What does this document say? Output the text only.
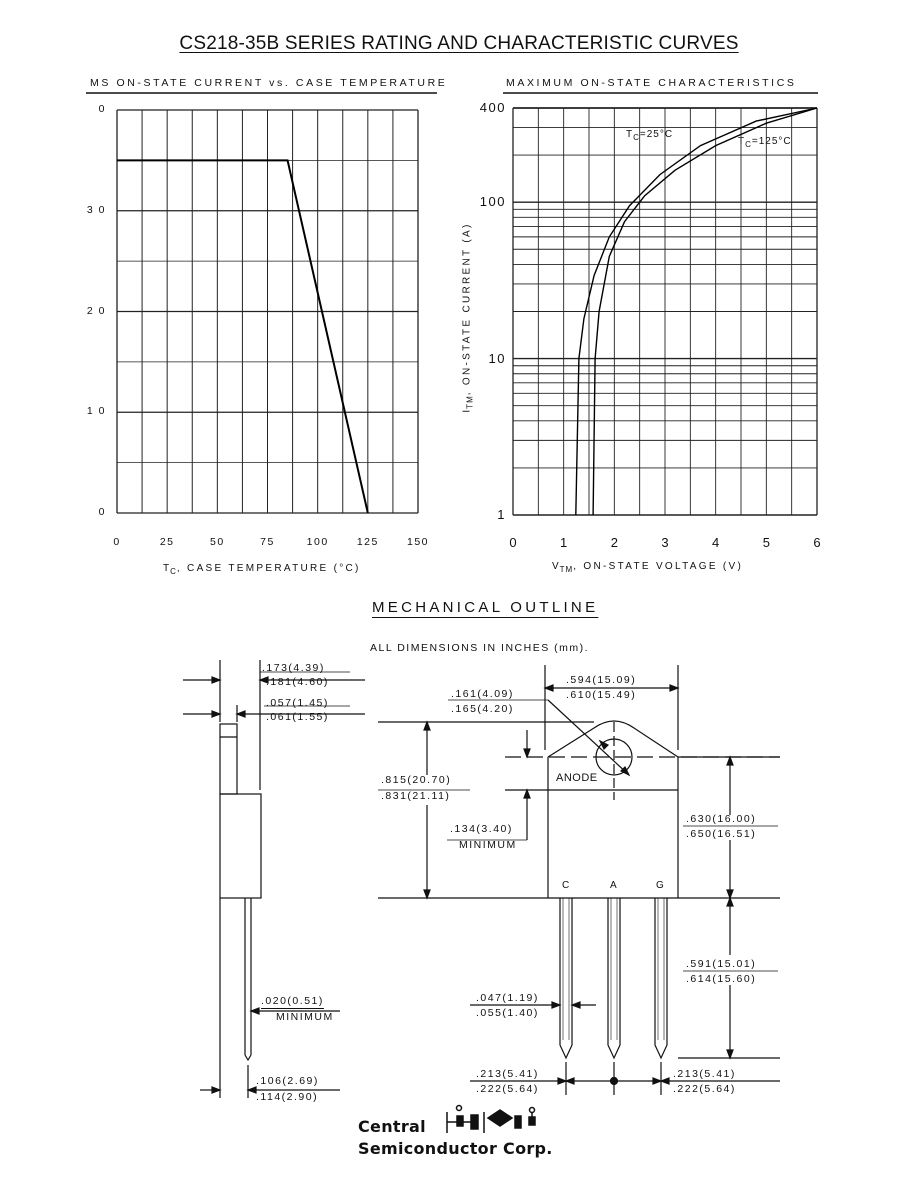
CS218-35B SERIES RATING AND CHARACTERISTIC CURVES
MS ON-STATE CURRENT vs. CASE TEMPERATURE
0
1 0
2 0
3 0
0
0	25	50	75	100	125	150
$T_C$, CASE TEMPERATURE (°C)
MAXIMUM ON-STATE CHARACTERISTICS
1
10
100
400
0	1	2	3	4	5	6
$V_{TM}$, ON-STATE VOLTAGE (V)
$I_{TM}$, ON-STATE CURRENT (A)
$T_C=25^\circ C$
$T_C=125^\circ C$
MECHANICAL OUTLINE
ALL DIMENSIONS IN INCHES (mm).
.173(4.39)
.181(4.60)
.057(1.45)
.061(1.55)
.020(0.51)
MINIMUM
.106(2.69)
.114(2.90)
.161(4.09)
.165(4.20)
.594(15.09)
.610(15.49)
.815(20.70)
.831(21.11)
.134(3.40)
MINIMUM
.630(16.00)
.650(16.51)
.591(15.01)
.614(15.60)
.047(1.19)
.055(1.40)
.213(5.41)
.222(5.64)
.213(5.41)
.222(5.64)
ANODE
C	A	G
Central
Semiconductor Corp.
